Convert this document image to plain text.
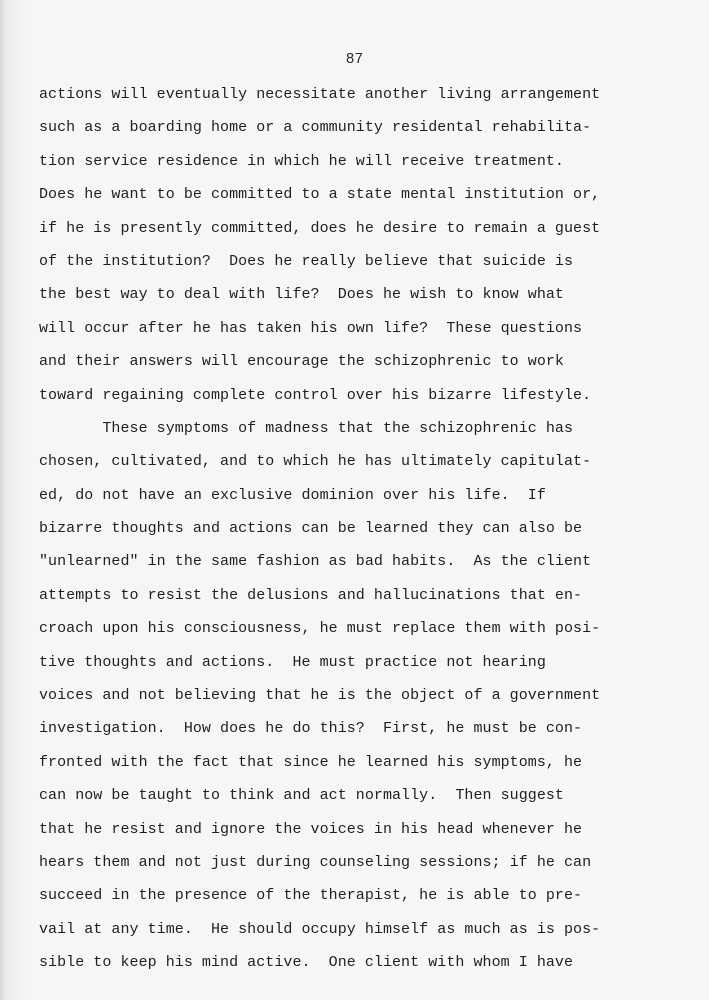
87
actions will eventually necessitate another living arrangement
such as a boarding home or a community residental rehabilita-
tion service residence in which he will receive treatment.
Does he want to be committed to a state mental institution or,
if he is presently committed, does he desire to remain a guest
of the institution?  Does he really believe that suicide is
the best way to deal with life?  Does he wish to know what
will occur after he has taken his own life?  These questions
and their answers will encourage the schizophrenic to work
toward regaining complete control over his bizarre lifestyle.
These symptoms of madness that the schizophrenic has
chosen, cultivated, and to which he has ultimately capitulat-
ed, do not have an exclusive dominion over his life.  If
bizarre thoughts and actions can be learned they can also be
"unlearned" in the same fashion as bad habits.  As the client
attempts to resist the delusions and hallucinations that en-
croach upon his consciousness, he must replace them with posi-
tive thoughts and actions.  He must practice not hearing
voices and not believing that he is the object of a government
investigation.  How does he do this?  First, he must be con-
fronted with the fact that since he learned his symptoms, he
can now be taught to think and act normally.  Then suggest
that he resist and ignore the voices in his head whenever he
hears them and not just during counseling sessions; if he can
succeed in the presence of the therapist, he is able to pre-
vail at any time.  He should occupy himself as much as is pos-
sible to keep his mind active.  One client with whom I have
